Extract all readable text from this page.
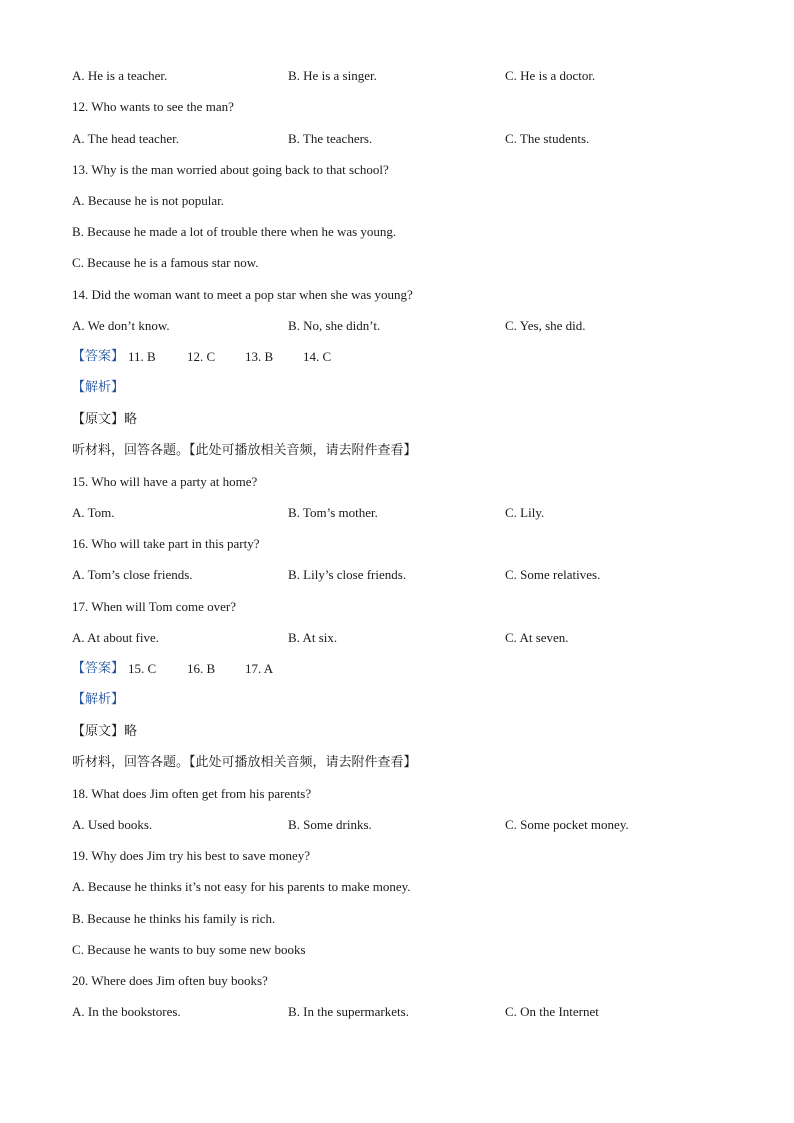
A. He is a teacher.	B. He is a singer.	C. He is a doctor.
12. Who wants to see the man?
A. The head teacher.	B. The teachers.	C. The students.
13. Why is the man worried about going back to that school?
A. Because he is not popular.
B. Because he made a lot of trouble there when he was young.
C. Because he is a famous star now.
14. Did the woman want to meet a pop star when she was young?
A. We don’t know.	B. No, she didn’t.	C. Yes, she did.
【答案】 11. B 12. C 13. B 14. C
【解析】
【原文】略
听材料，回答各题。【此处可播放相关音频，请去附件查看】
15. Who will have a party at home?
A. Tom.	B. Tom’s mother.	C. Lily.
16. Who will take part in this party?
A. Tom’s close friends.	B. Lily’s close friends.	C. Some relatives.
17. When will Tom come over?
A. At about five.	B. At six.	C. At seven.
【答案】 15. C 16. B 17. A
【解析】
【原文】略
听材料，回答各题。【此处可播放相关音频，请去附件查看】
18. What does Jim often get from his parents?
A. Used books.	B. Some drinks.	C. Some pocket money.
19. Why does Jim try his best to save money?
A. Because he thinks it’s not easy for his parents to make money.
B. Because he thinks his family is rich.
C. Because he wants to buy some new books
20. Where does Jim often buy books?
A. In the bookstores.	B. In the supermarkets.	C. On the Internet
